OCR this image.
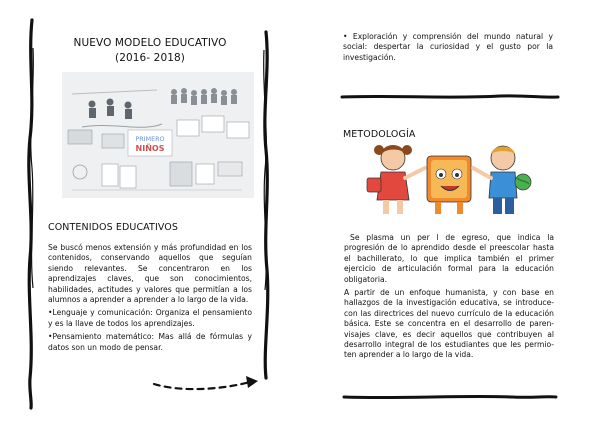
NUEVO MODELO EDUCATIVO
(2016- 2018)
PRIMERO
NIÑOS
CONTENIDOS EDUCATIVOS

Se buscó menos extensión y más profundidad en los contenidos, conservando aquellos que seguían siendo relevantes. Se concentraron en los aprendizajes claves, que son conocimientos, habilidades, actitudes y valores que permitían a los alumnos a aprender a aprender a lo largo de la vida.

•Lenguaje y comunicación: Organiza el pensamiento y es la llave de todos los aprendizajes.

•Pensamiento matemático: Mas allá de fórmulas y datos son un modo de pensar.

• Exploración y comprensión del mundo natural y social: despertar la curiosidad y el gusto por la investigación.

METODOLOGÍA

Se plasma un per l de egreso, que indica la progresión de lo aprendido desde el preescolar hasta el bachillerato, lo que implica también el primer ejercicio de articulación formal para la educación obligatoria.

A partir de un enfoque humanista, y con base en hallazgos de la investigación educativa, se introduce- con las directrices del nuevo currículo de la educación básica. Este se concentra en el desarrollo de paren- visajes clave, es decir aquellos que contribuyen al desarrollo integral de los estudiantes que les permio- ten aprender a lo largo de la vida.
